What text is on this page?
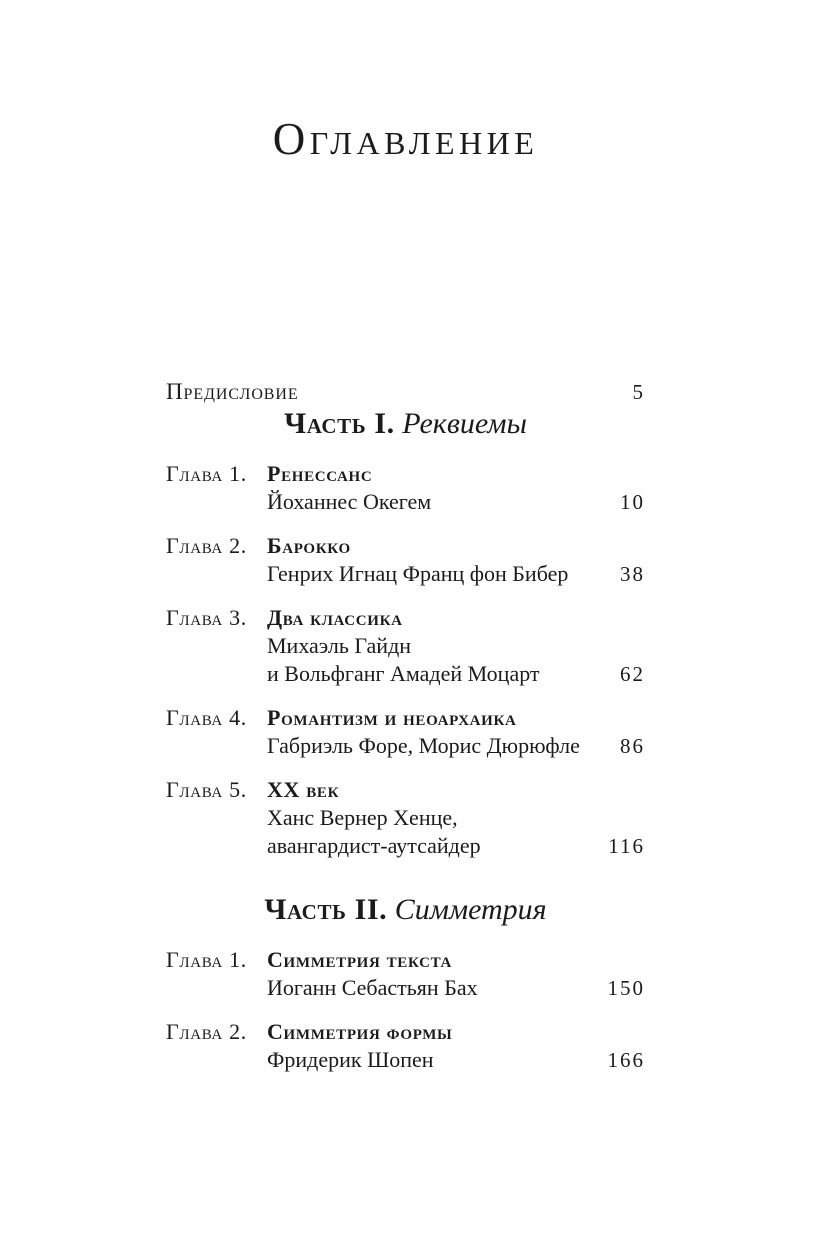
Оглавление
Предисловие	5
Часть I. Реквиемы
Глава 1. Ренессанс
Йоханнес Окегем	10
Глава 2. Барокко
Генрих Игнац Франц фон Бибер	38
Глава 3. Два классика
Михаэль Гайдн
и Вольфганг Амадей Моцарт	62
Глава 4. Романтизм и неоархаика
Габриэль Форе, Морис Дюрюфле	86
Глава 5. XX век
Ханс Вернер Хенце,
авангардист-аутсайдер	116
Часть II. Симметрия
Глава 1. Симметрия текста
Иоганн Себастьян Бах	150
Глава 2. Симметрия формы
Фридерик Шопен	166
